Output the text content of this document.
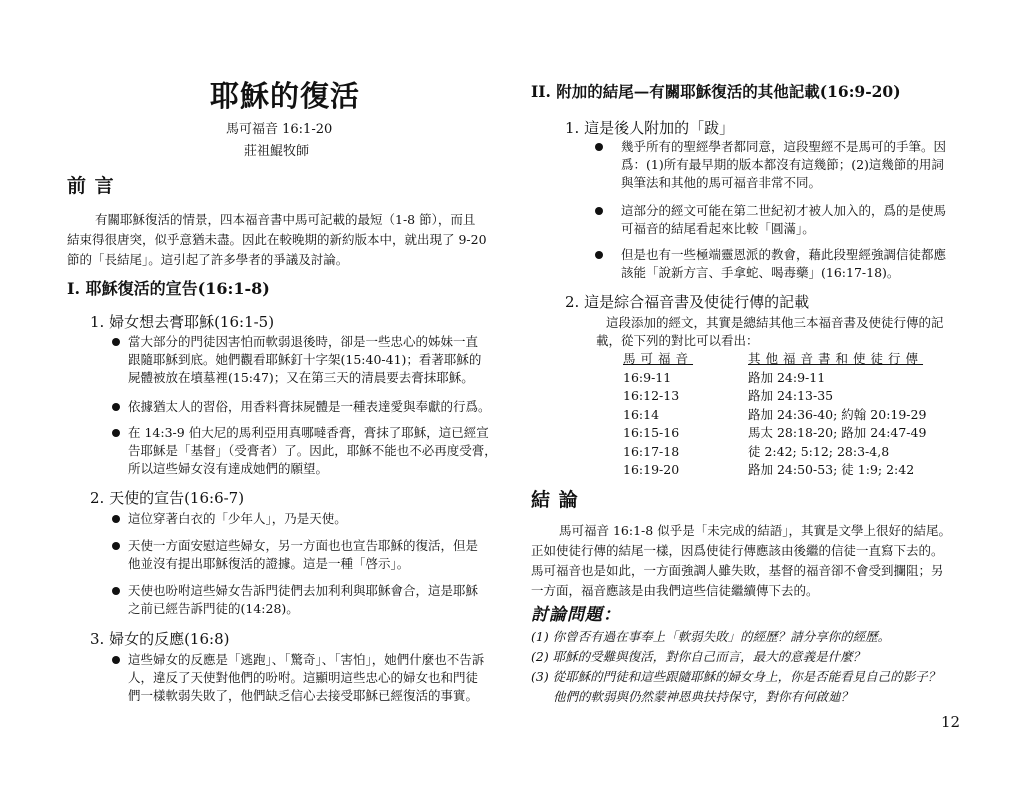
耶穌的復活
馬可福音 16:1-20
莊祖鯤牧師
前 言
有關耶穌復活的情景，四本福音書中馬可記載的最短（1-8 節），而且
結束得很唐突，似乎意猶未盡。因此在較晚期的新約版本中，就出現了 9-20
節的「長結尾」。這引起了許多學者的爭議及討論。
I. 耶穌復活的宣告(16:1-8)
1. 婦女想去膏耶穌(16:1-5)
當大部分的門徒因害怕而軟弱退後時，卻是一些忠心的姊妹一直
跟隨耶穌到底。她們觀看耶穌釘十字架(15:40-41)；看著耶穌的
屍體被放在墳墓裡(15:47)；又在第三天的清晨要去膏抹耶穌。
依據猶太人的習俗，用香料膏抹屍體是一種表達愛與奉獻的行爲。
在 14:3-9 伯大尼的馬利亞用真哪噠香膏，膏抹了耶穌，這已經宣
告耶穌是「基督」（受膏者）了。因此，耶穌不能也不必再度受膏，
所以這些婦女沒有達成她們的願望。
2. 天使的宣告(16:6-7)
這位穿著白衣的「少年人」，乃是天使。
天使一方面安慰這些婦女，另一方面也也宣告耶穌的復活，但是
他並沒有提出耶穌復活的證據。這是一種「啓示」。
天使也吩咐這些婦女告訴門徒們去加利利與耶穌會合，這是耶穌
之前已經告訴門徒的(14:28)。
3. 婦女的反應(16:8)
這些婦女的反應是「逃跑」、「驚奇」、「害怕」，她們什麼也不告訴
人，違反了天使對他們的吩咐。這顯明這些忠心的婦女也和門徒
們一樣軟弱失敗了，他們缺乏信心去接受耶穌已經復活的事實。
II. 附加的結尾—有關耶穌復活的其他記載(16:9-20)
1. 這是後人附加的「跋」
幾乎所有的聖經學者都同意，這段聖經不是馬可的手筆。因
爲：(1)所有最早期的版本都沒有這幾節；(2)這幾節的用詞
與筆法和其他的馬可福音非常不同。
這部分的經文可能在第二世紀初才被人加入的，爲的是使馬
可福音的結尾看起來比較「圓滿」。
但是也有一些極端靈恩派的教會，藉此段聖經強調信徒都應
該能「說新方言、手拿蛇、喝毒藥」(16:17-18)。
2. 這是綜合福音書及使徒行傳的記載
這段添加的經文，其實是總結其他三本福音書及使徒行傳的記
載，從下列的對比可以看出：
馬可福音	其他福音書和使徒行傳
16:9-11	路加 24:9-11
16:12-13	路加 24:13-35
16:14	路加 24:36-40; 約翰 20:19-29
16:15-16	馬太 28:18-20; 路加 24:47-49
16:17-18	徒 2:42; 5:12; 28:3-4,8
16:19-20	路加 24:50-53; 徒 1:9; 2:42
結 論
馬可福音 16:1-8 似乎是「未完成的結語」，其實是文學上很好的結尾。
正如使徒行傳的結尾一樣，因爲使徒行傳應該由後繼的信徒一直寫下去的。
馬可福音也是如此，一方面強調人雖失敗，基督的福音卻不會受到攔阻；另
一方面，福音應該是由我們這些信徒繼續傳下去的。
討論問題：
(1) 你曾否有過在事奉上「軟弱失敗」的經歷？請分享你的經歷。
(2) 耶穌的受難與復活，對你自己而言，最大的意義是什麼？
(3) 從耶穌的門徒和這些跟隨耶穌的婦女身上，你是否能看見自己的影子？
他們的軟弱與仍然蒙神恩典扶持保守，對你有何啟廸？
12
